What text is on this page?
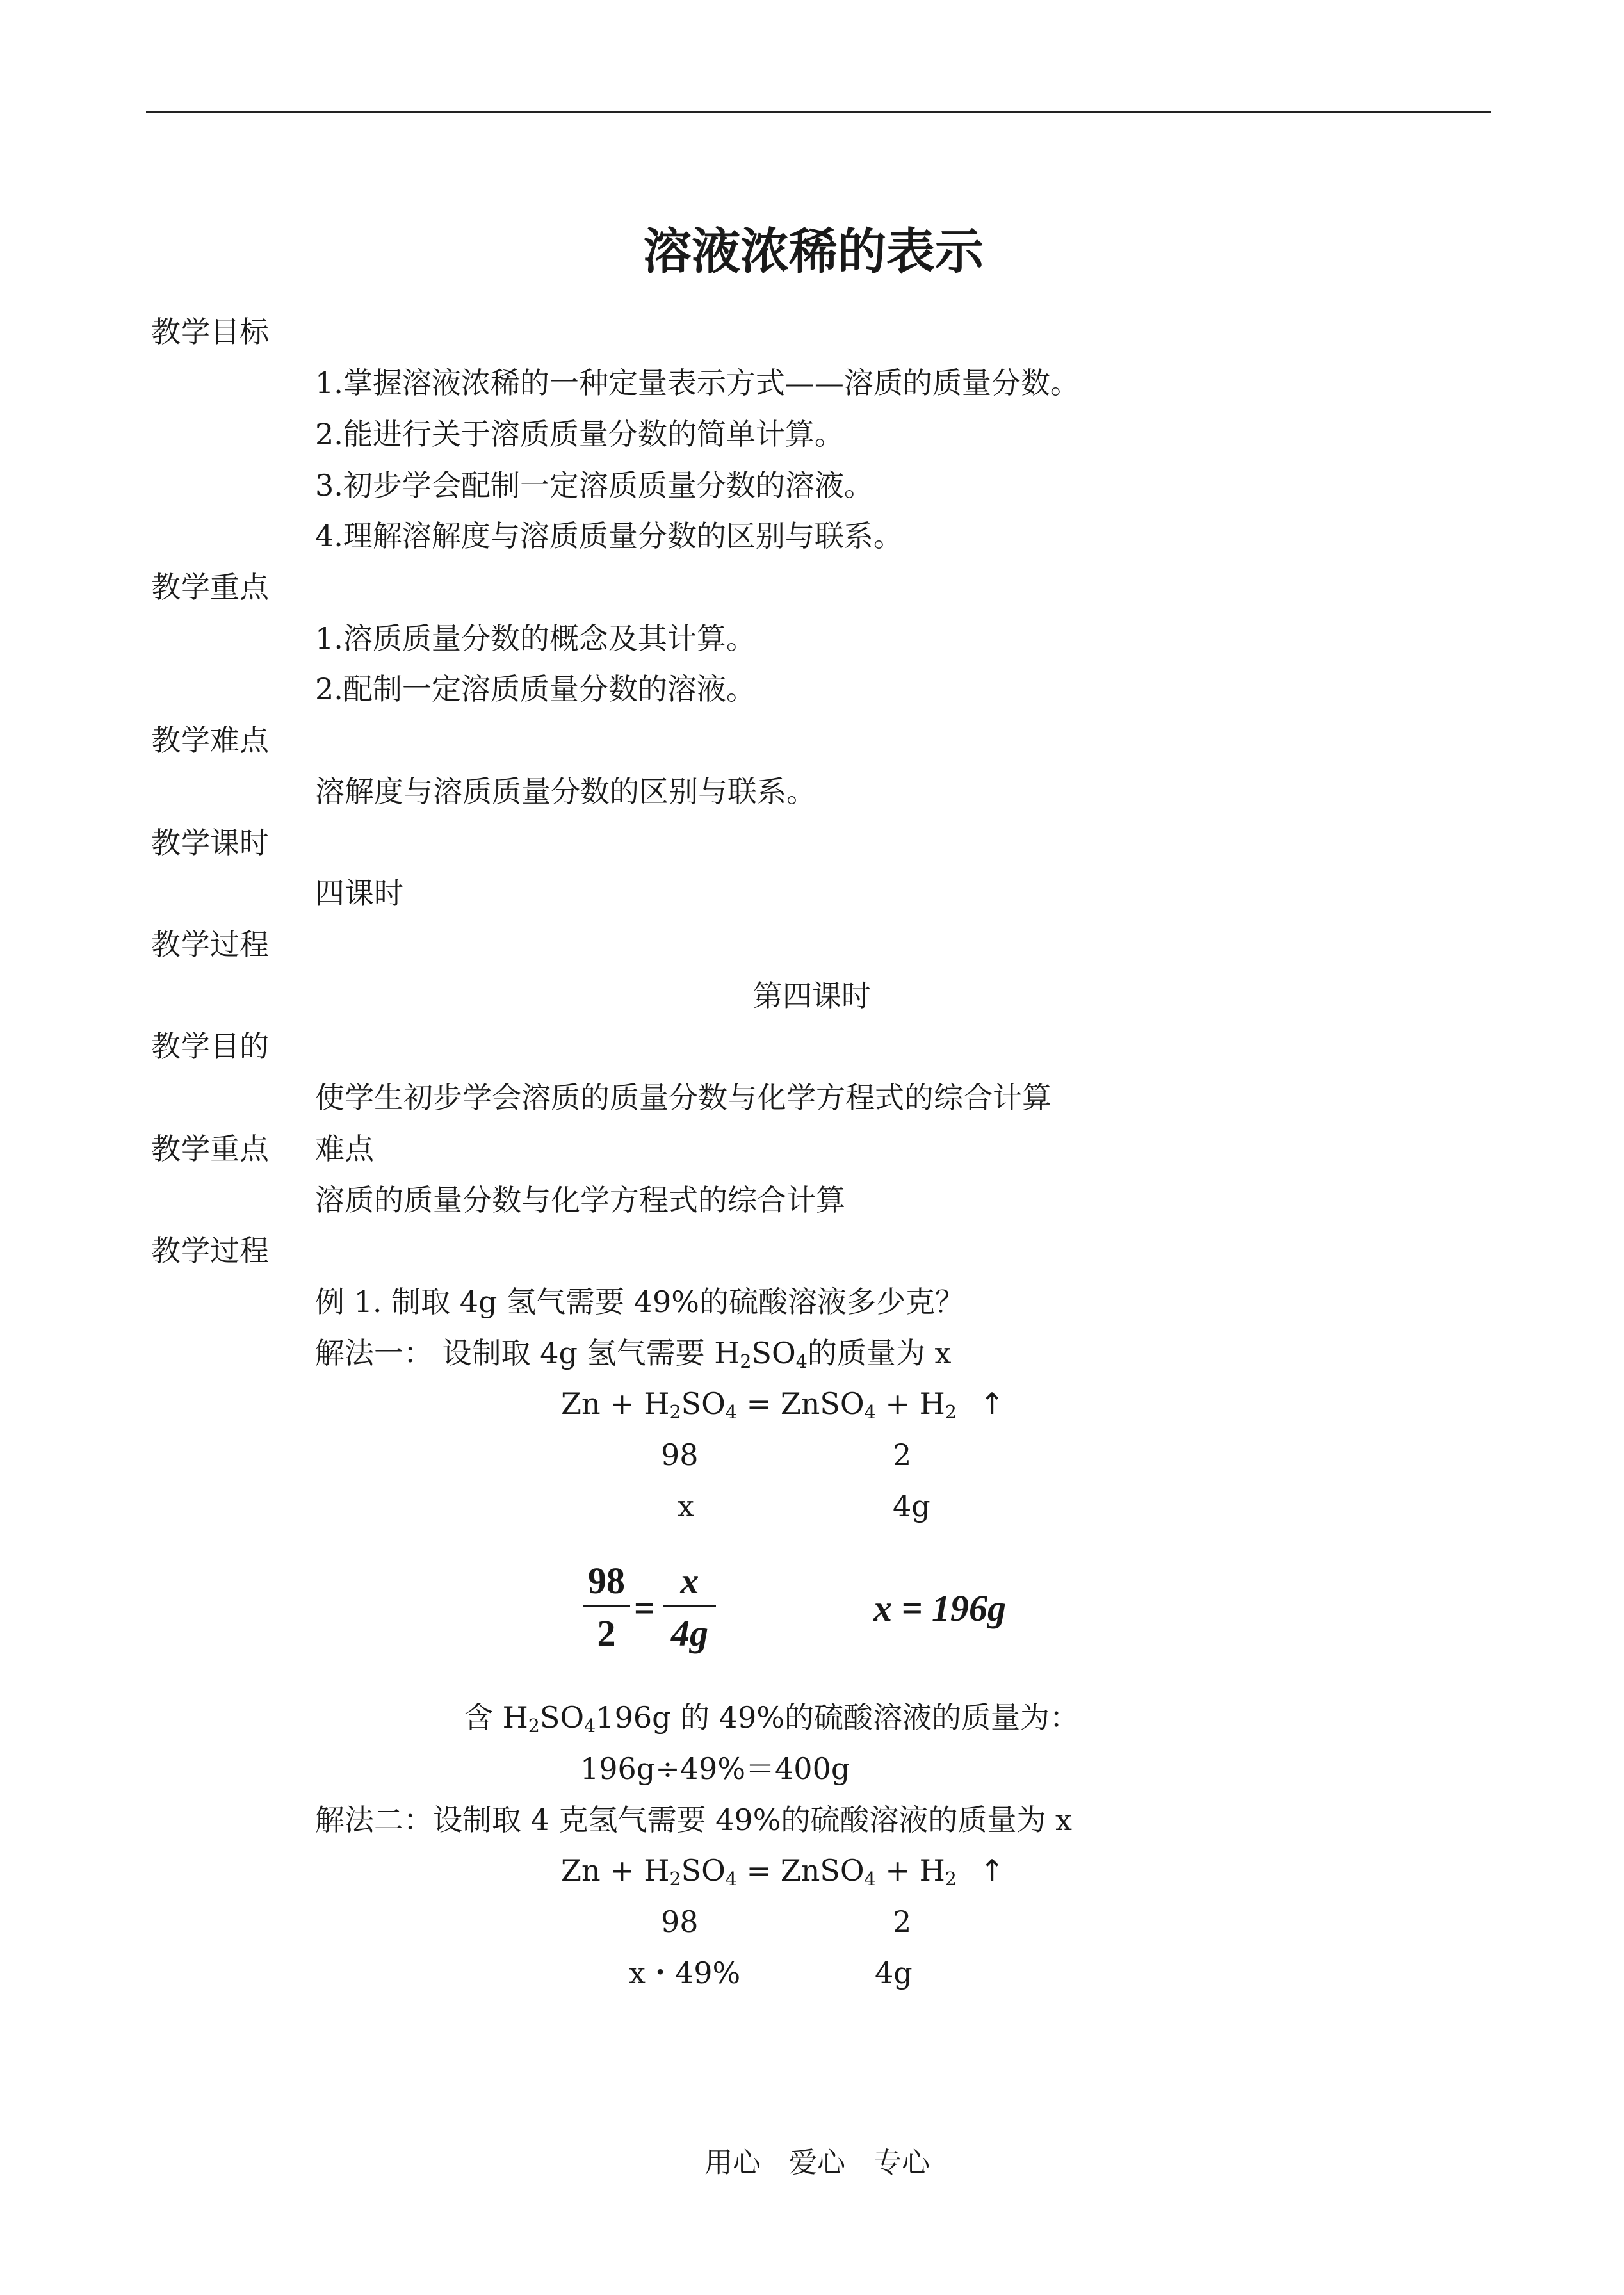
溶液浓稀的表示
教学目标
1.掌握溶液浓稀的一种定量表示方式——溶质的质量分数。
2.能进行关于溶质质量分数的简单计算。
3.初步学会配制一定溶质质量分数的溶液。
4.理解溶解度与溶质质量分数的区别与联系。
教学重点
1.溶质质量分数的概念及其计算。
2.配制一定溶质质量分数的溶液。
教学难点
溶解度与溶质质量分数的区别与联系。
教学课时
四课时
教学过程
第四课时
教学目的
使学生初步学会溶质的质量分数与化学方程式的综合计算
教学重点 难点
溶质的质量分数与化学方程式的综合计算
教学过程
例 1. 制取 4g 氢气需要 49%的硫酸溶液多少克？
解法一： 设制取 4g 氢气需要 $H_2SO_4$的质量为 x
$Zn + H_2SO_4$ = ZnSO$_4$ + $H_2$ ↑
98	2
x	4g
98
2
=
x
4g
x = 196g
含 $H_2SO_4196g$ 的 49%的硫酸溶液的质量为：
196g÷49%＝400g
解法二：设制取 4 克氢气需要 49%的硫酸溶液的质量为 x
$Zn + H_2SO_4$ = ZnSO$_4$ + $H_2$ ↑
98	2
x・49%	4g
用心　爱心　专心
